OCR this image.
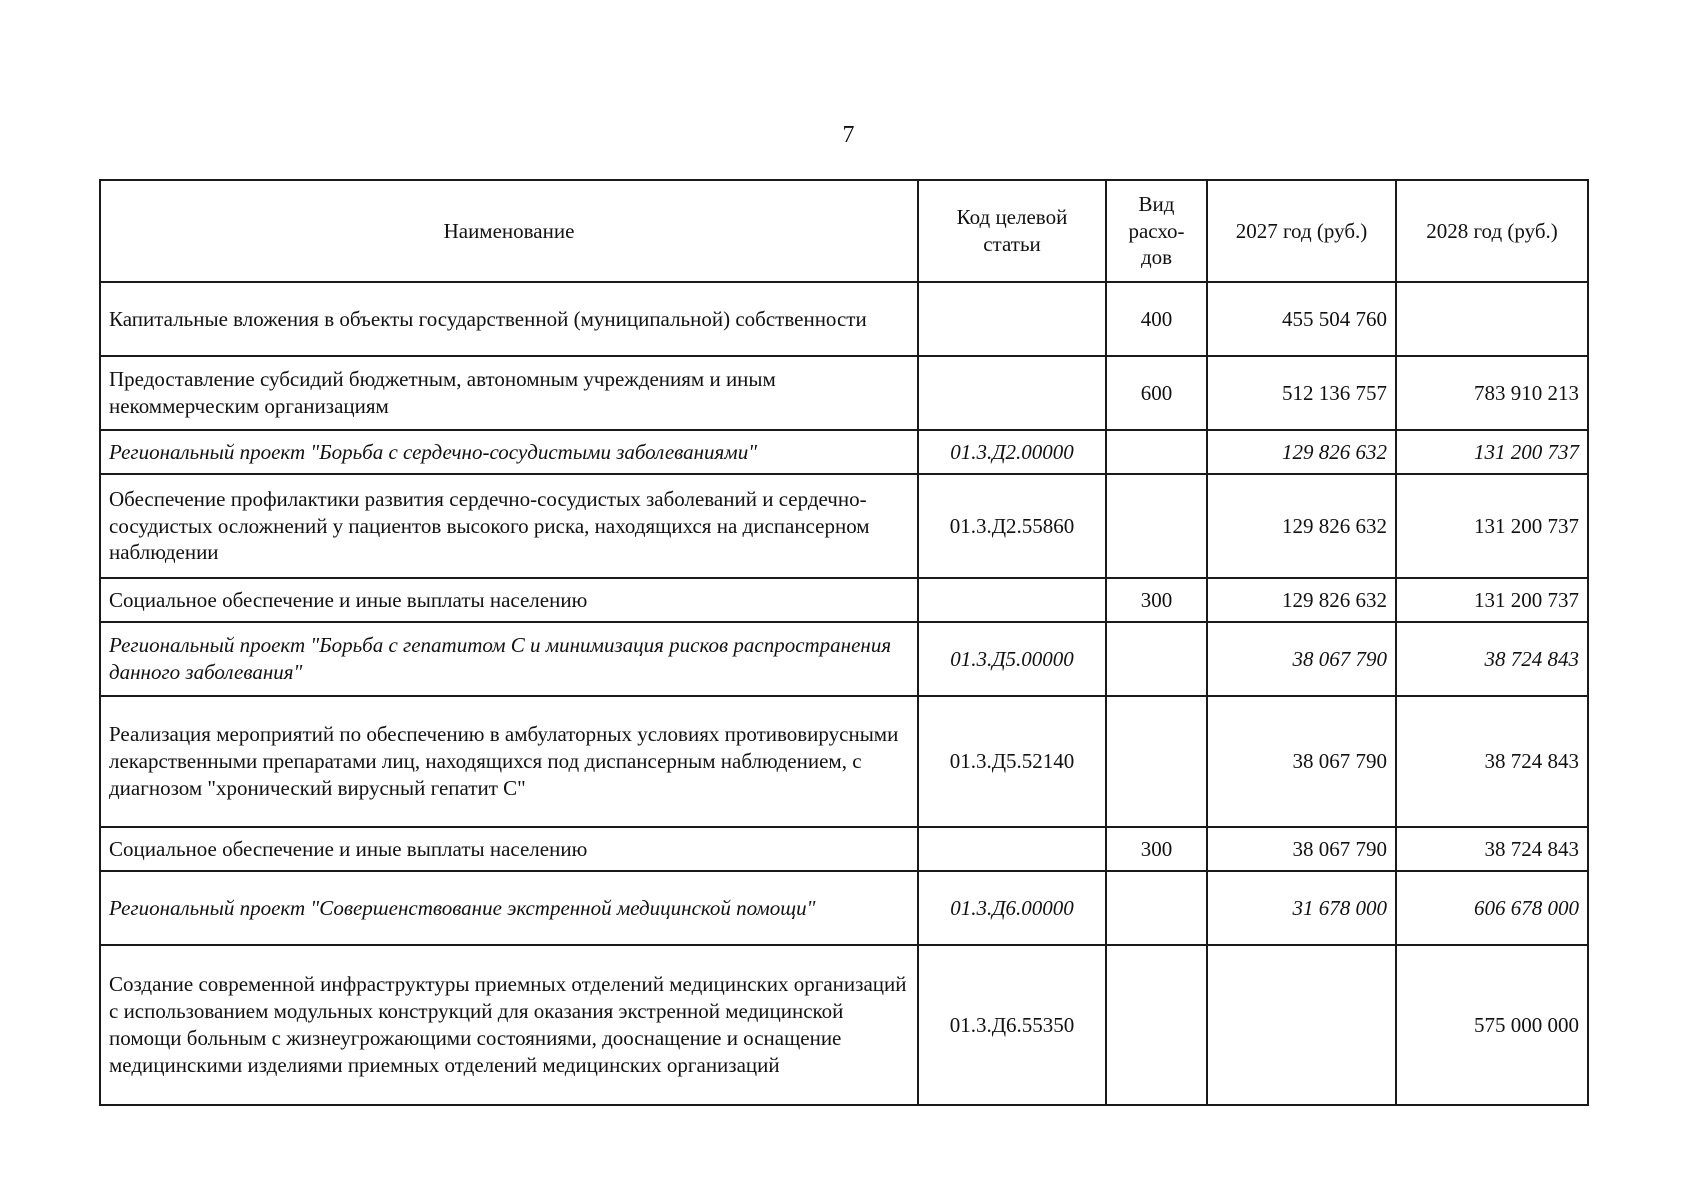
7
Наименование	Код целевой статьи	Вид расхо-дов	2027 год (руб.)	2028 год (руб.)
Капитальные вложения в объекты государственной (муниципальной) собственности		400	455 504 760	
Предоставление субсидий бюджетным, автономным учреждениям и иным некоммерческим организациям		600	512 136 757	783 910 213
Региональный проект "Борьба с сердечно-сосудистыми заболеваниями"	01.3.Д2.00000		129 826 632	131 200 737
Обеспечение профилактики развития сердечно-сосудистых заболеваний и сердечно-сосудистых осложнений у пациентов высокого риска, находящихся на диспансерном наблюдении	01.3.Д2.55860		129 826 632	131 200 737
Социальное обеспечение и иные выплаты населению		300	129 826 632	131 200 737
Региональный проект "Борьба с гепатитом С и минимизация рисков распространения данного заболевания"	01.3.Д5.00000		38 067 790	38 724 843
Реализация мероприятий по обеспечению в амбулаторных условиях противовирусными лекарственными препаратами лиц, находящихся под диспансерным наблюдением, с диагнозом "хронический вирусный гепатит С"	01.3.Д5.52140		38 067 790	38 724 843
Социальное обеспечение и иные выплаты населению		300	38 067 790	38 724 843
Региональный проект "Совершенствование экстренной медицинской помощи"	01.3.Д6.00000		31 678 000	606 678 000
Создание современной инфраструктуры приемных отделений медицинских организаций с использованием модульных конструкций для оказания экстренной медицинской помощи больным с жизнеугрожающими состояниями, дооснащение и оснащение медицинскими изделиями приемных отделений медицинских организаций	01.3.Д6.55350			575 000 000
